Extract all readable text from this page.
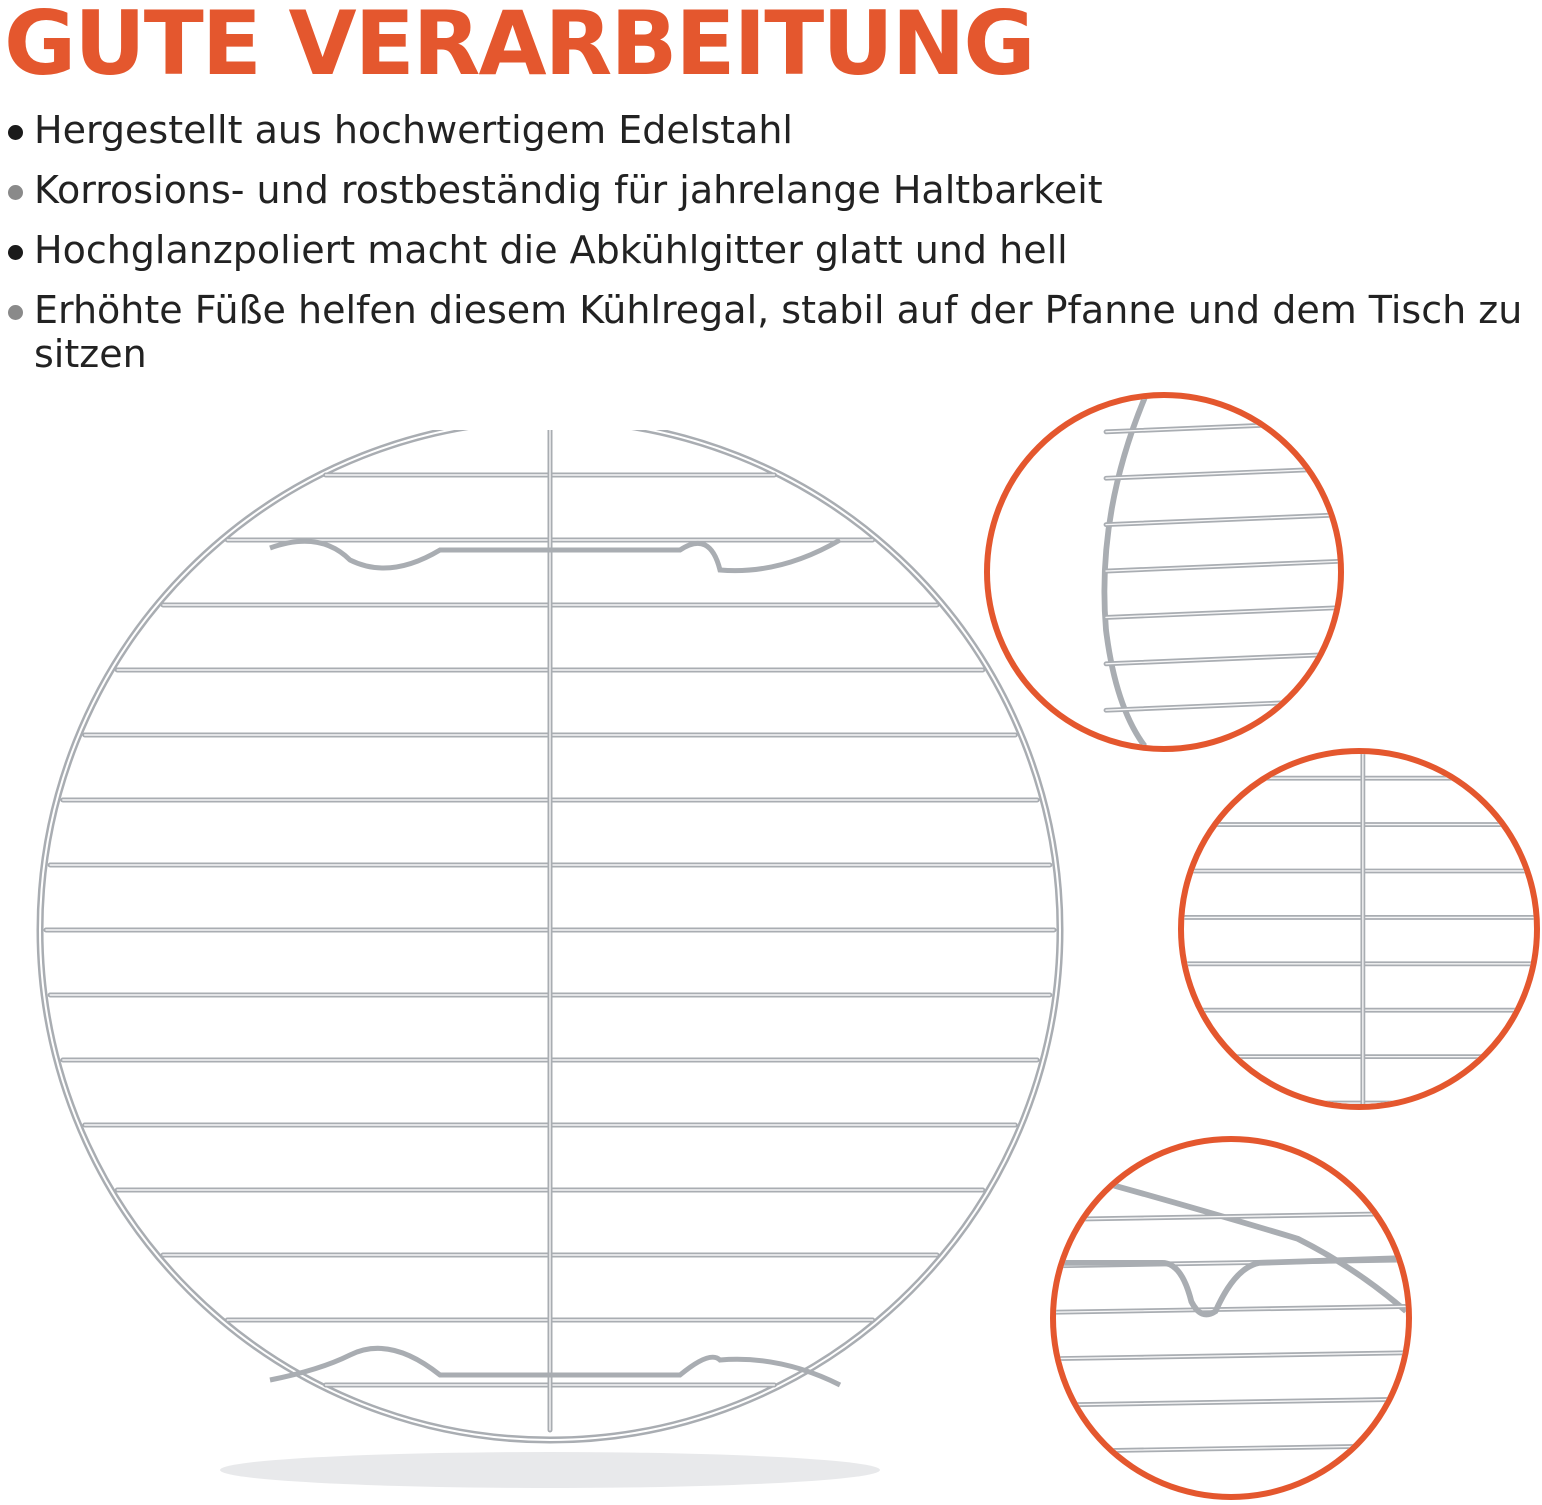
GUTE VERARBEITUNG
Hergestellt aus hochwertigem Edelstahl
Korrosions- und rostbeständig für jahrelange Haltbarkeit
Hochglanzpoliert macht die Abkühlgitter glatt und hell
Erhöhte Füße helfen diesem Kühlregal, stabil auf der Pfanne und dem Tisch zu sitzen
